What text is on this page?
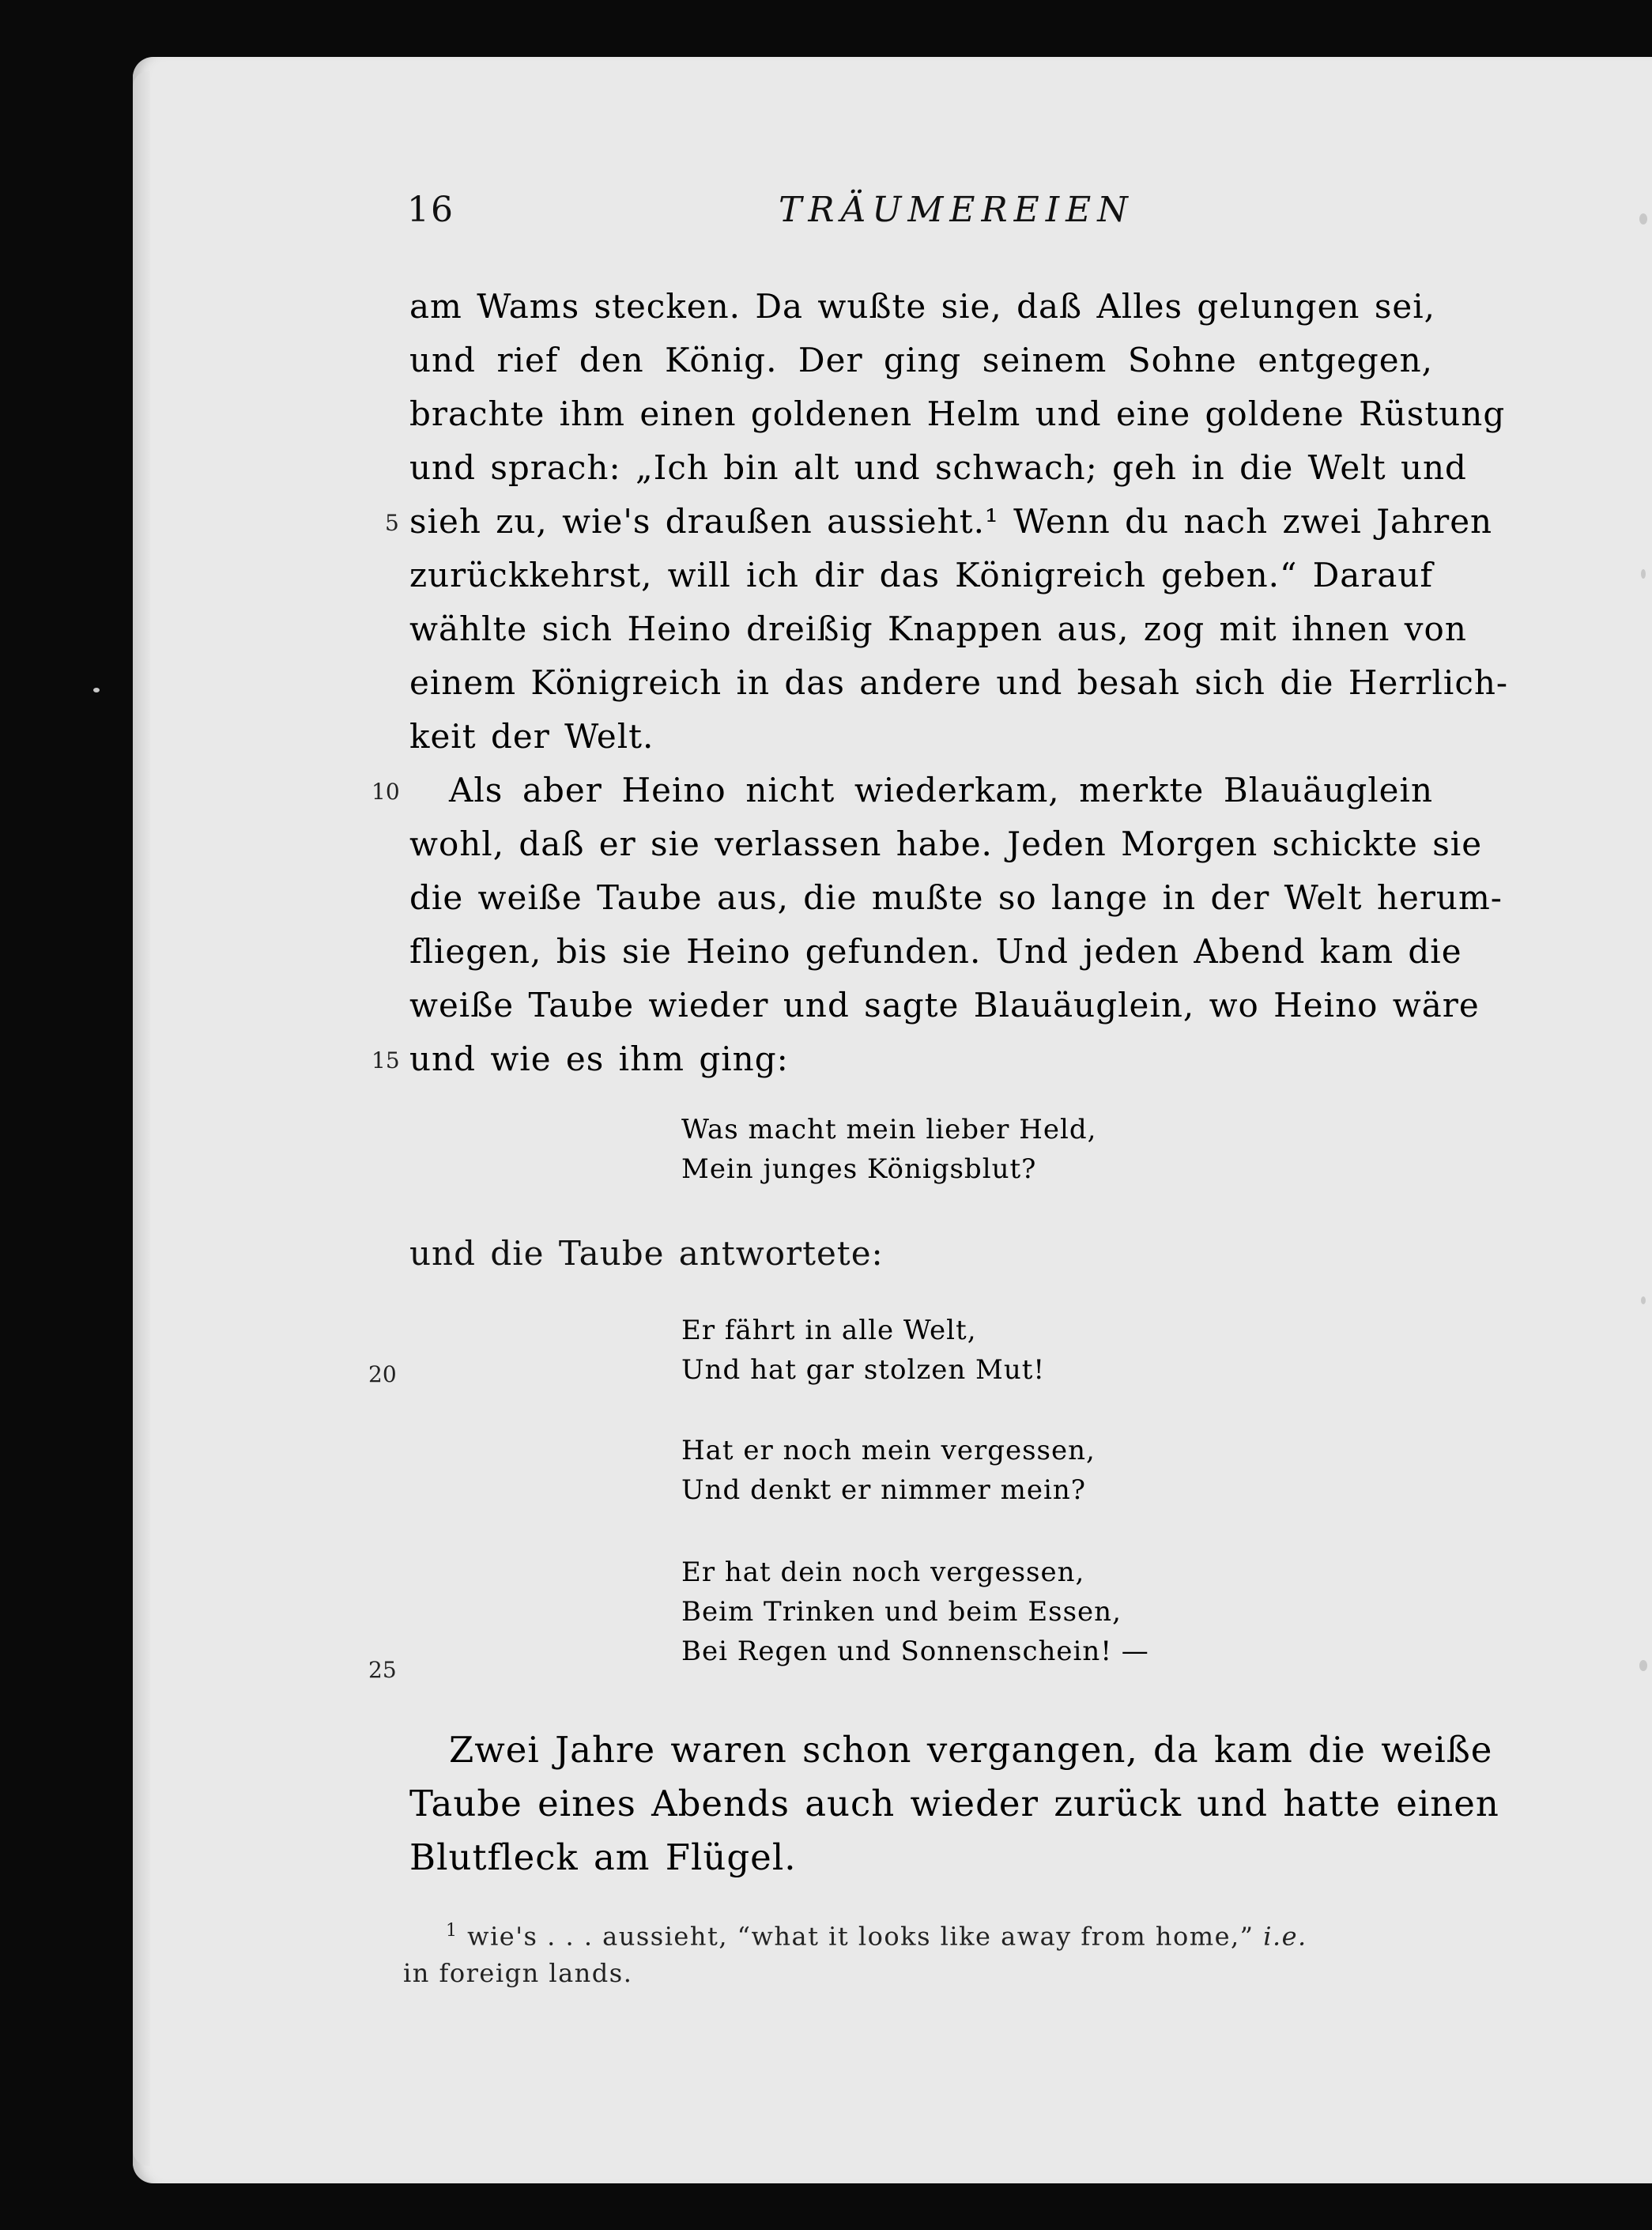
16	TRÄUMEREIEN
am Wams stecken. Da wußte sie, daß Alles gelungen sei,
und rief den König. Der ging seinem Sohne entgegen,
brachte ihm einen goldenen Helm und eine goldene Rüstung
und sprach: „Ich bin alt und schwach; geh in die Welt und
sieh zu, wie's draußen aussieht.¹ Wenn du nach zwei Jahren
zurückkehrst, will ich dir das Königreich geben.“ Darauf
wählte sich Heino dreißig Knappen aus, zog mit ihnen von
einem Königreich in das andere und besah sich die Herrlich-
keit der Welt.
Als aber Heino nicht wiederkam, merkte Blauäuglein
wohl, daß er sie verlassen habe. Jeden Morgen schickte sie
die weiße Taube aus, die mußte so lange in der Welt herum-
fliegen, bis sie Heino gefunden. Und jeden Abend kam die
weiße Taube wieder und sagte Blauäuglein, wo Heino wäre
und wie es ihm ging:
Was macht mein lieber Held,
Mein junges Königsblut?
und die Taube antwortete:
Er fährt in alle Welt,
Und hat gar stolzen Mut!
Hat er noch mein vergessen,
Und denkt er nimmer mein?
Er hat dein noch vergessen,
Beim Trinken und beim Essen,
Bei Regen und Sonnenschein! —
Zwei Jahre waren schon vergangen, da kam die weiße
Taube eines Abends auch wieder zurück und hatte einen
Blutfleck am Flügel.
5
10
15
20
25
$^1$ wie's . . . aussieht, “what it looks like away from home,” i.e.
in foreign lands.
